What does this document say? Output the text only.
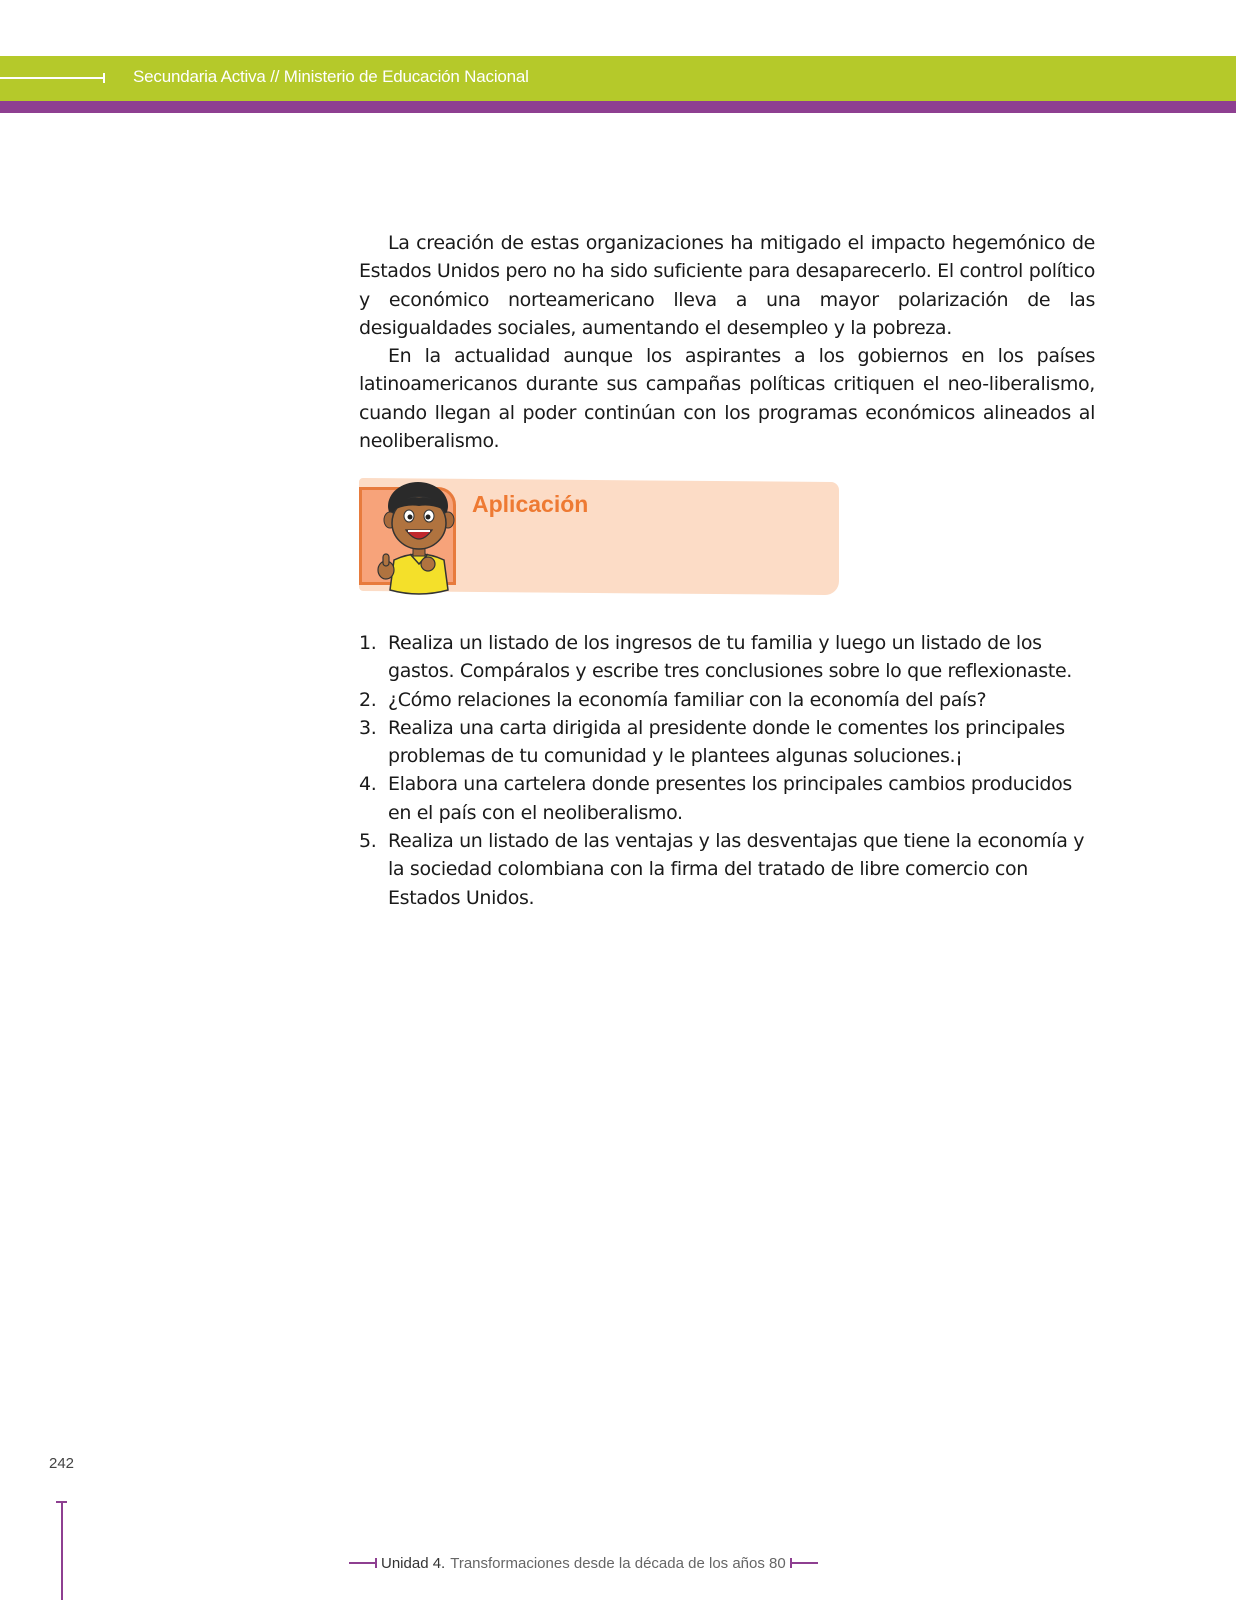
Secundaria Activa // Ministerio de Educación Nacional

La creación de estas organizaciones ha mitigado el impacto hegemónico de Estados Unidos pero no ha sido suficiente para desaparecerlo. El control político y económico norteamericano lleva a una mayor polarización de las desigualdades sociales, aumentando el desempleo y la pobreza.

En la actualidad aunque los aspirantes a los gobiernos en los países latinoamericanos durante sus campañas políticas critiquen el neo-liberalismo, cuando llegan al poder continúan con los programas económicos alineados al neoliberalismo.

Aplicación
1. Realiza un listado de los ingresos de tu familia y luego un listado de los gastos. Compáralos y escribe tres conclusiones sobre lo que reflexionaste.
2. ¿Cómo relaciones la economía familiar con la economía del país?
3. Realiza una carta dirigida al presidente donde le comentes los principales problemas de tu comunidad y le plantees algunas soluciones.¡
4. Elabora una cartelera donde presentes los principales cambios producidos en el país con el neoliberalismo.
5. Realiza un listado de las ventajas y las desventajas que tiene la economía y la sociedad colombiana con la firma del tratado de libre comercio con Estados Unidos.
242
Unidad 4. Transformaciones desde la década de los años 80
